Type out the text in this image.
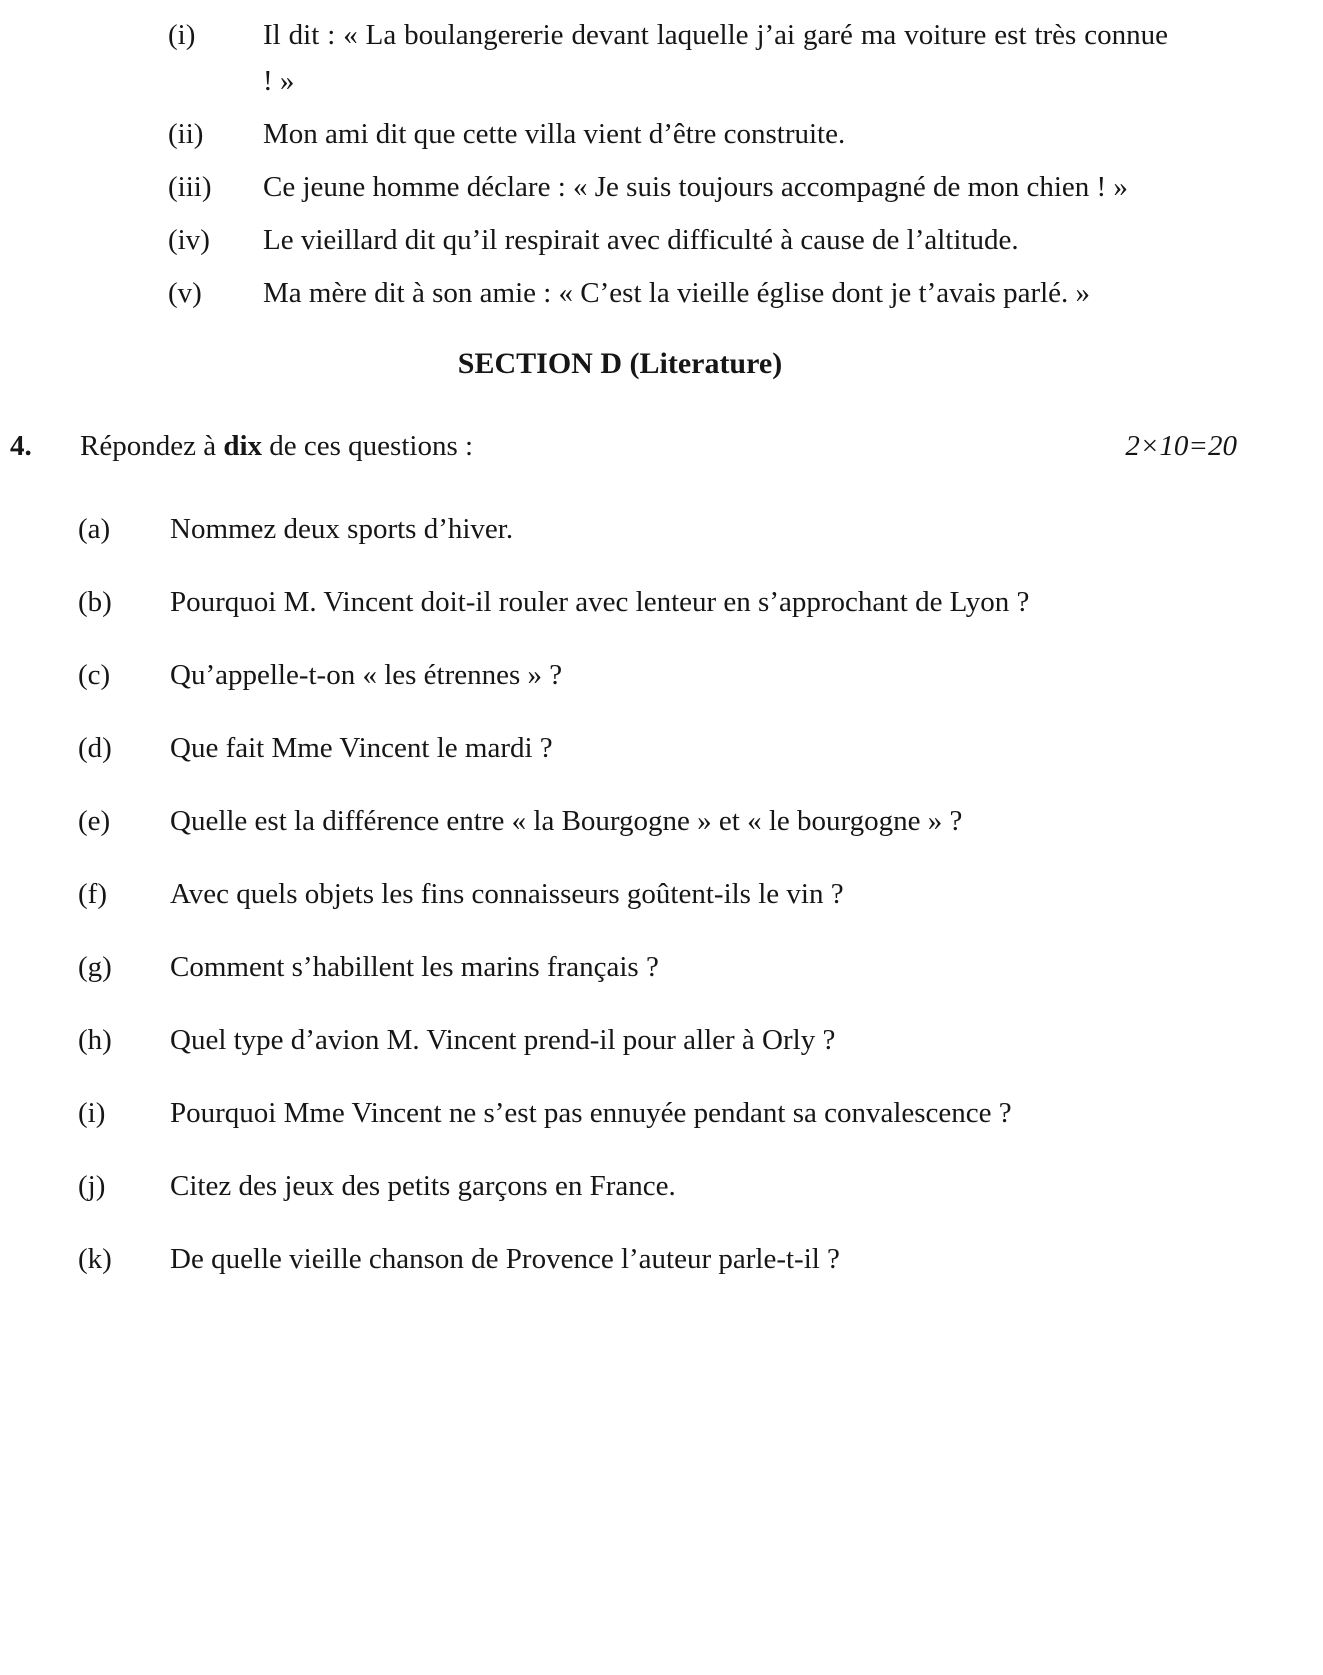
(i)	Il dit : « La boulangererie devant laquelle j’ai garé ma voiture est très connue ! »

(ii)	Mon ami dit que cette villa vient d’être construite.

(iii)	Ce jeune homme déclare : « Je suis toujours accompagné de mon chien ! »

(iv)	Le vieillard dit qu’il respirait avec difficulté à cause de l’altitude.

(v)	Ma mère dit à son amie : « C’est la vieille église dont je t’avais parlé. »

SECTION D (Literature)
4.	Répondez à dix de ces questions :	2×10=20
(a)	Nommez deux sports d’hiver.

(b)	Pourquoi M. Vincent doit-il rouler avec lenteur en s’approchant de Lyon ?

(c)	Qu’appelle-t-on « les étrennes » ?

(d)	Que fait Mme Vincent le mardi ?

(e)	Quelle est la différence entre « la Bourgogne » et « le bourgogne » ?

(f)	Avec quels objets les fins connaisseurs goûtent-ils le vin ?

(g)	Comment s’habillent les marins français ?

(h)	Quel type d’avion M. Vincent prend-il pour aller à Orly ?

(i)	Pourquoi Mme Vincent ne s’est pas ennuyée pendant sa convalescence ?

(j)	Citez des jeux des petits garçons en France.

(k)	De quelle vieille chanson de Provence l’auteur parle-t-il ?
